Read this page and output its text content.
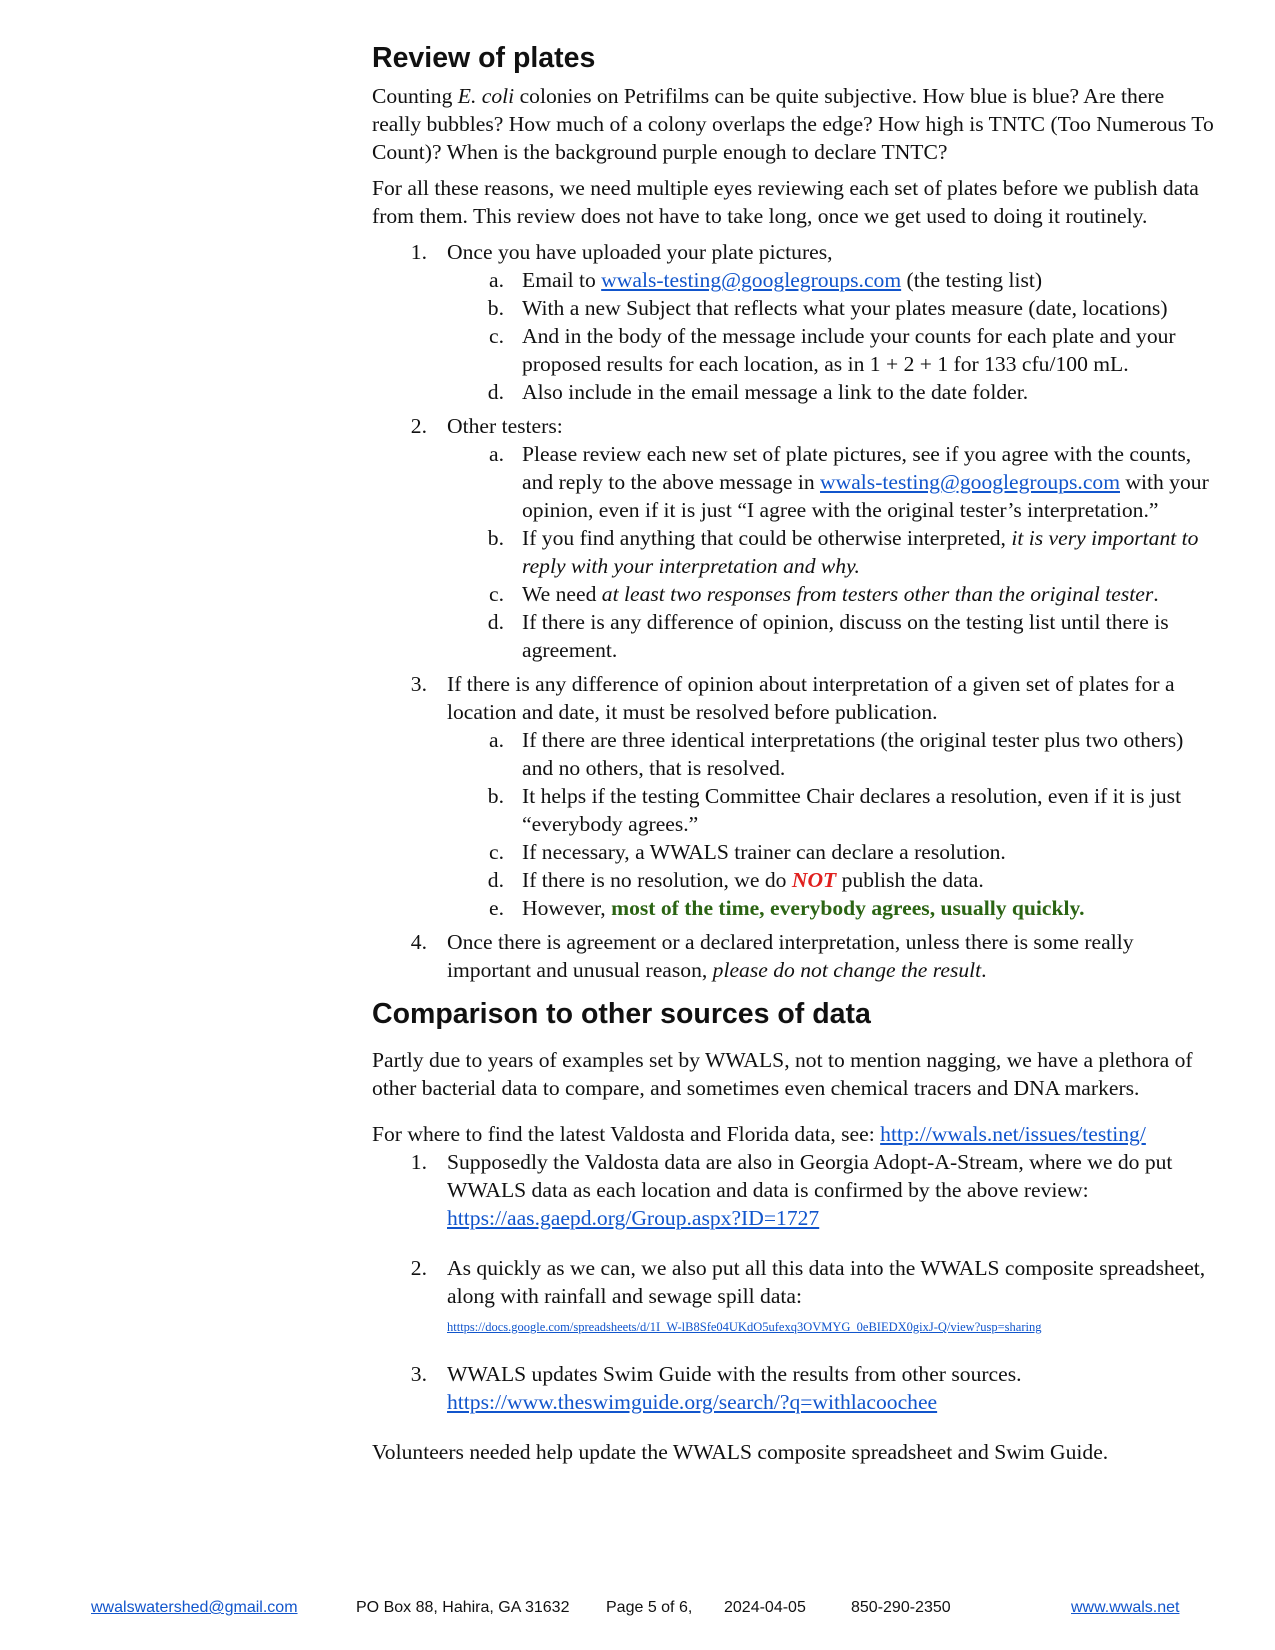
Review of plates

Counting E. coli colonies on Petrifilms can be quite subjective. How blue is blue? Are there really bubbles? How much of a colony overlaps the edge? How high is TNTC (Too Numerous To Count)? When is the background purple enough to declare TNTC?

For all these reasons, we need multiple eyes reviewing each set of plates before we publish data from them. This review does not have to take long, once we get used to doing it routinely.

1. Once you have uploaded your plate pictures,
a. Email to wwals-testing@googlegroups.com (the testing list)
b. With a new Subject that reflects what your plates measure (date, locations)
c. And in the body of the message include your counts for each plate and your proposed results for each location, as in 1 + 2 + 1 for 133 cfu/100 mL.
d. Also include in the email message a link to the date folder.
2. Other testers:
a. Please review each new set of plate pictures, see if you agree with the counts, and reply to the above message in wwals-testing@googlegroups.com with your opinion, even if it is just “I agree with the original tester’s interpretation.”
b. If you find anything that could be otherwise interpreted, it is very important to reply with your interpretation and why.
c. We need at least two responses from testers other than the original tester.
d. If there is any difference of opinion, discuss on the testing list until there is agreement.
3. If there is any difference of opinion about interpretation of a given set of plates for a location and date, it must be resolved before publication.
a. If there are three identical interpretations (the original tester plus two others) and no others, that is resolved.
b. It helps if the testing Committee Chair declares a resolution, even if it is just “everybody agrees.”
c. If necessary, a WWALS trainer can declare a resolution.
d. If there is no resolution, we do NOT publish the data.
e. However, most of the time, everybody agrees, usually quickly.
4. Once there is agreement or a declared interpretation, unless there is some really important and unusual reason, please do not change the result.
Comparison to other sources of data

Partly due to years of examples set by WWALS, not to mention nagging, we have a plethora of other bacterial data to compare, and sometimes even chemical tracers and DNA markers.

For where to find the latest Valdosta and Florida data, see: http://wwals.net/issues/testing/

1. Supposedly the Valdosta data are also in Georgia Adopt-A-Stream, where we do put WWALS data as each location and data is confirmed by the above review:
https://aas.gaepd.org/Group.aspx?ID=1727
2. As quickly as we can, we also put all this data into the WWALS composite spreadsheet, along with rainfall and sewage spill data:
htttps://docs.google.com/spreadsheets/d/1I_W-lB8Sfe04UKdO5ufexq3OVMYG_0eBIEDX0gixJ-Q/view?usp=sharing
3. WWALS updates Swim Guide with the results from other sources.
https://www.theswimguide.org/search/?q=withlacoochee

Volunteers needed help update the WWALS composite spreadsheet and Swim Guide.

wwalswatershed@gmail.com	PO Box 88, Hahira, GA 31632 Page 5 of 6, 2024-04-05	850-290-2350	www.wwals.net
